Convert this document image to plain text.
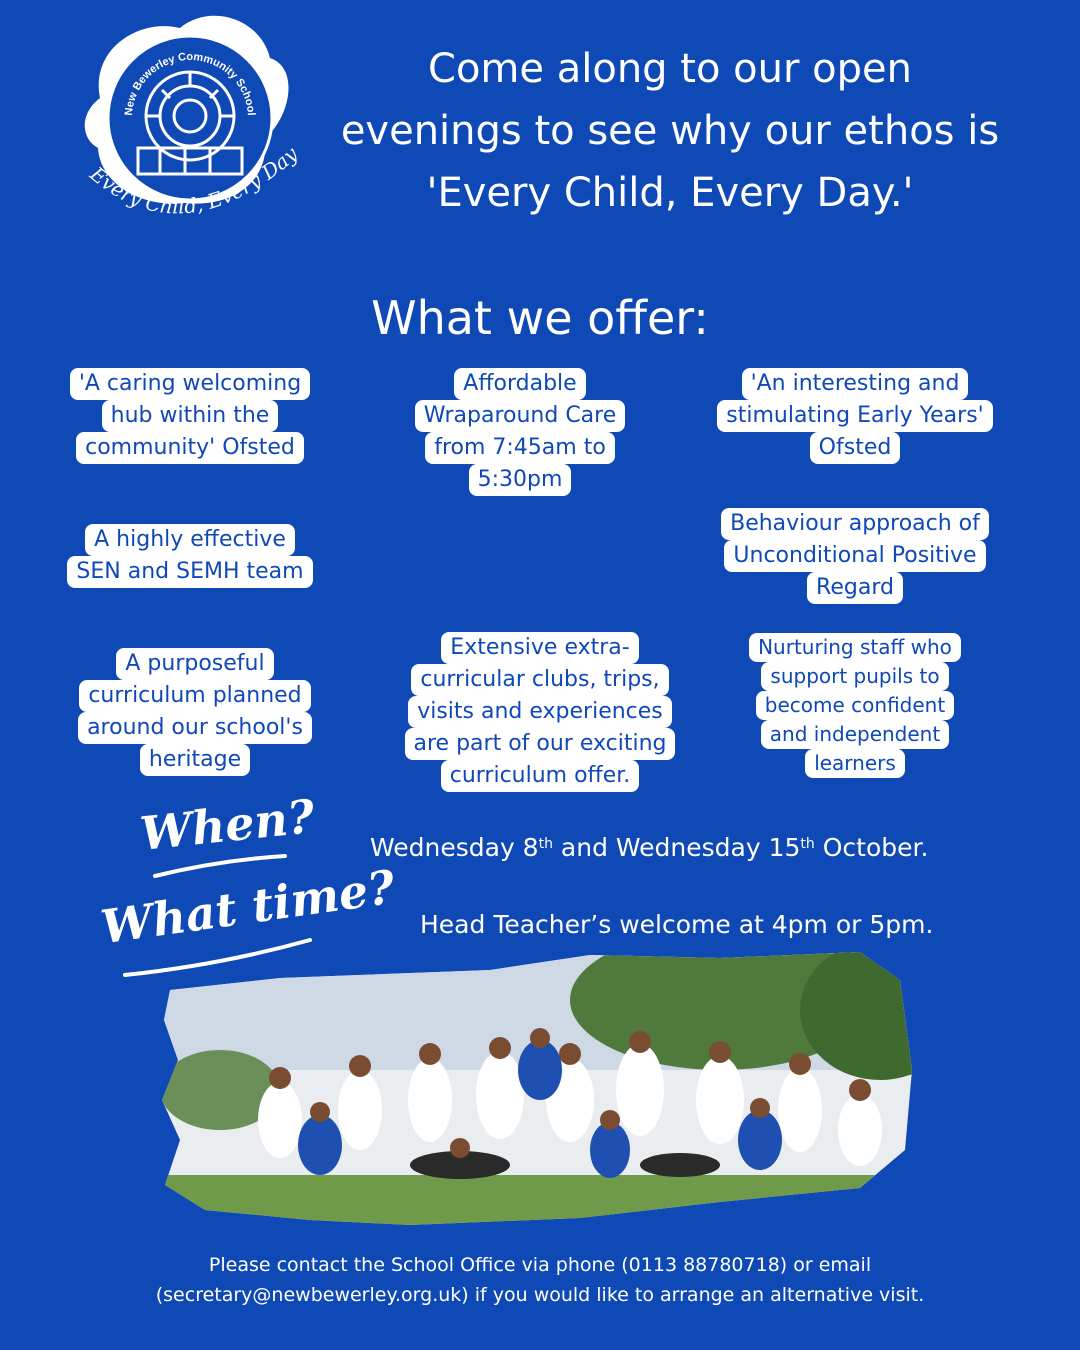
New Bewerley Community School
Every Child, Every Day
Come along to our open
evenings to see why our ethos is
'Every Child, Every Day.'
What we offer:
'A caring welcoming
hub within the
community' Ofsted
Affordable
Wraparound Care
from 7:45am to
5:30pm
'An interesting and
stimulating Early Years'
Ofsted
A highly effective
SEN and SEMH team
Behaviour approach of
Unconditional Positive
Regard
A purposeful
curriculum planned
around our school's
heritage
Extensive extra-
curricular clubs, trips,
visits and experiences
are part of our exciting
curriculum offer.
Nurturing staff who
support pupils to
become confident
and independent
learners
When?
What time?
Wednesday 8th and Wednesday 15th October.
Head Teacher’s welcome at 4pm or 5pm.
Please contact the School Office via phone (0113 88780718) or email
(secretary@newbewerley.org.uk) if you would like to arrange an alternative visit.
